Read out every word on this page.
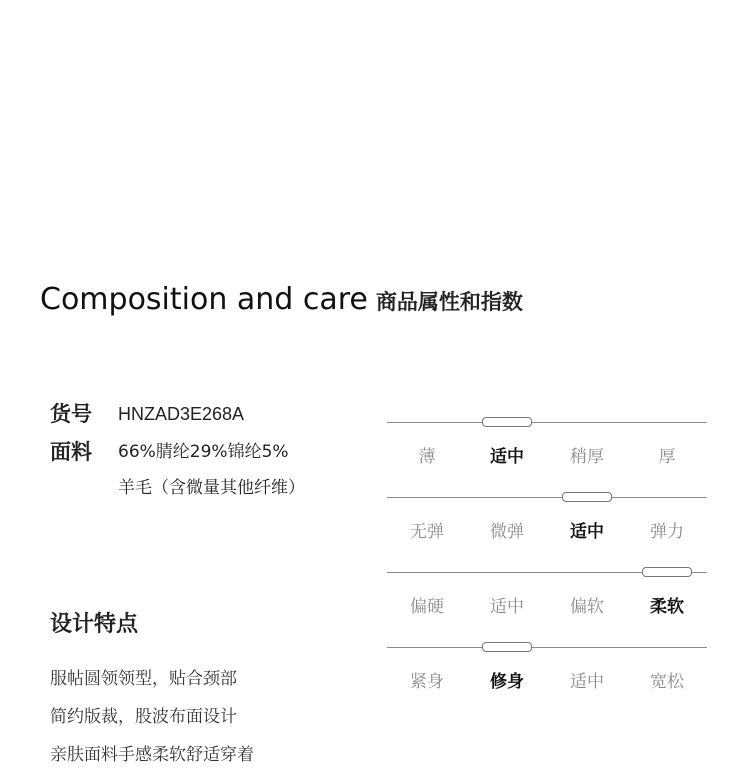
Composition and care 商品属性和指数
货号	HNZAD3E268A
面料	66%腈纶29%锦纶5%羊毛（含微量其他纤维）
设计特点
服帖圆领领型，贴合颈部
简约版裁，股波布面设计
亲肤面料手感柔软舒适穿着
薄	适中	稍厚	厚
无弹	微弹	适中	弹力
偏硬	适中	偏软	柔软
紧身	修身	适中	宽松
